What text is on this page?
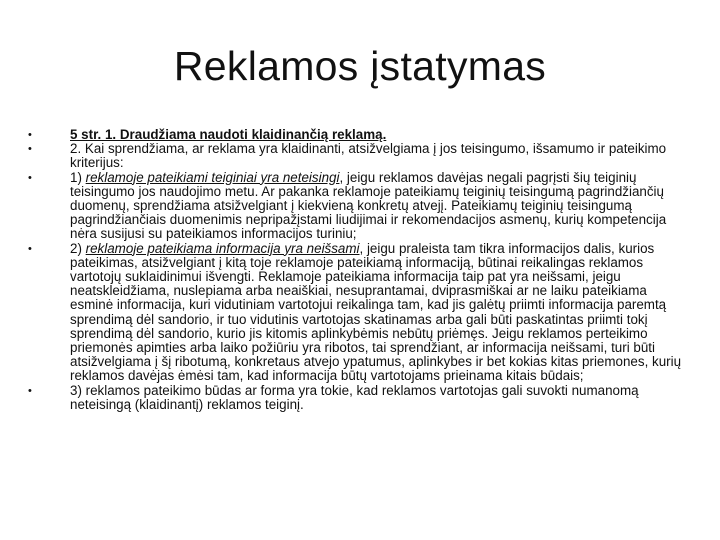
Reklamos įstatymas
•	5 str. 1. Draudžiama naudoti klaidinančią reklamą.
•	2. Kai sprendžiama, ar reklama yra klaidinanti, atsižvelgiama į jos teisingumo, išsamumo ir pateikimo kriterijus:
•	1) reklamoje pateikiami teiginiai yra neteisingi, jeigu reklamos davėjas negali pagrįsti šių teiginių teisingumo jos naudojimo metu. Ar pakanka reklamoje pateikiamų teiginių teisingumą pagrindžiančių duomenų, sprendžiama atsižvelgiant į kiekvieną konkretų atvejį. Pateikiamų teiginių teisingumą pagrindžiančiais duomenimis nepripažįstami liudijimai ir rekomendacijos asmenų, kurių kompetencija nėra susijusi su pateikiamos informacijos turiniu;
•	2) reklamoje pateikiama informacija yra neišsami, jeigu praleista tam tikra informacijos dalis, kurios pateikimas, atsižvelgiant į kitą toje reklamoje pateikiamą informaciją, būtinai reikalingas reklamos vartotojų suklaidinimui išvengti. Reklamoje pateikiama informacija taip pat yra neišsami, jeigu neatskleidžiama, nuslepiama arba neaiškiai, nesuprantamai, dviprasmiškai ar ne laiku pateikiama esminė informacija, kuri vidutiniam vartotojui reikalinga tam, kad jis galėtų priimti informacija paremtą sprendimą dėl sandorio, ir tuo vidutinis vartotojas skatinamas arba gali būti paskatintas priimti tokį sprendimą dėl sandorio, kurio jis kitomis aplinkybėmis nebūtų priėmęs. Jeigu reklamos perteikimo priemonės apimties arba laiko požiūriu yra ribotos, tai sprendžiant, ar informacija neišsami, turi būti atsižvelgiama į šį ribotumą, konkretaus atvejo ypatumus, aplinkybes ir bet kokias kitas priemones, kurių reklamos davėjas ėmėsi tam, kad informacija būtų vartotojams prieinama kitais būdais;
•	3) reklamos pateikimo būdas ar forma yra tokie, kad reklamos vartotojas gali suvokti numanomą neteisingą (klaidinantį) reklamos teiginį.
